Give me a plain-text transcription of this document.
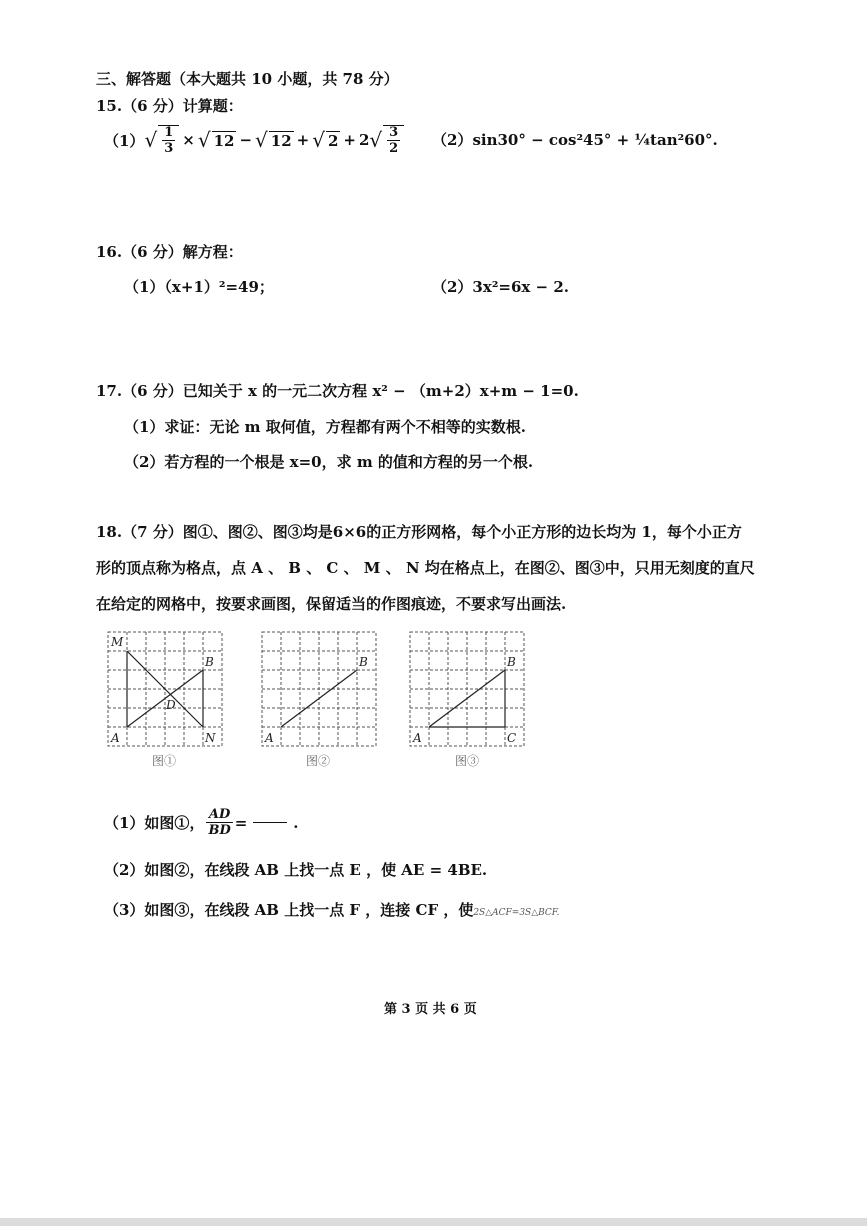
三、解答题（本大题共 10 小题，共 78 分）
15.（6 分）计算题：
（1） √ $\frac{1}{3}$ × √ 12 − √ 12 + √ 2 + 2 √ $\frac{3}{2} (2)\sin 30^\circ - \cos^245^\circ$ + ¼tan²60°.
16.（6 分）解方程：
（1）（x+1）²=49；	（2）3x²=6x − 2.
17.（6 分）已知关于 x 的一元二次方程 x² − （m+2）x+m − 1=0.
（1）求证：无论 m 取何值，方程都有两个不相等的实数根.
（2）若方程的一个根是 x=0，求 m 的值和方程的另一个根.
18.（7 分）图①、图②、图③均是6×6的正方形网格，每个小正方形的边长均为 1，每个小正方
形的顶点称为格点，点 A 、 B 、 C 、 M 、 N 均在格点上，在图②、图③中，只用无刻度的直尺
在给定的网格中，按要求画图，保留适当的作图痕迹，不要求写出画法.
M
B
A	N
D
图①
B
A
图②
B
A	C
图③
（1）如图①， $\frac{AD}{BD}$ =	.
（2）如图②，在线段 AB 上找一点 E ，使 AE = 4BE.
（3）如图③，在线段 AB 上找一点 F ，连接 CF ，使2S△ACF=3S△BCF.
第 3 页 共 6 页
